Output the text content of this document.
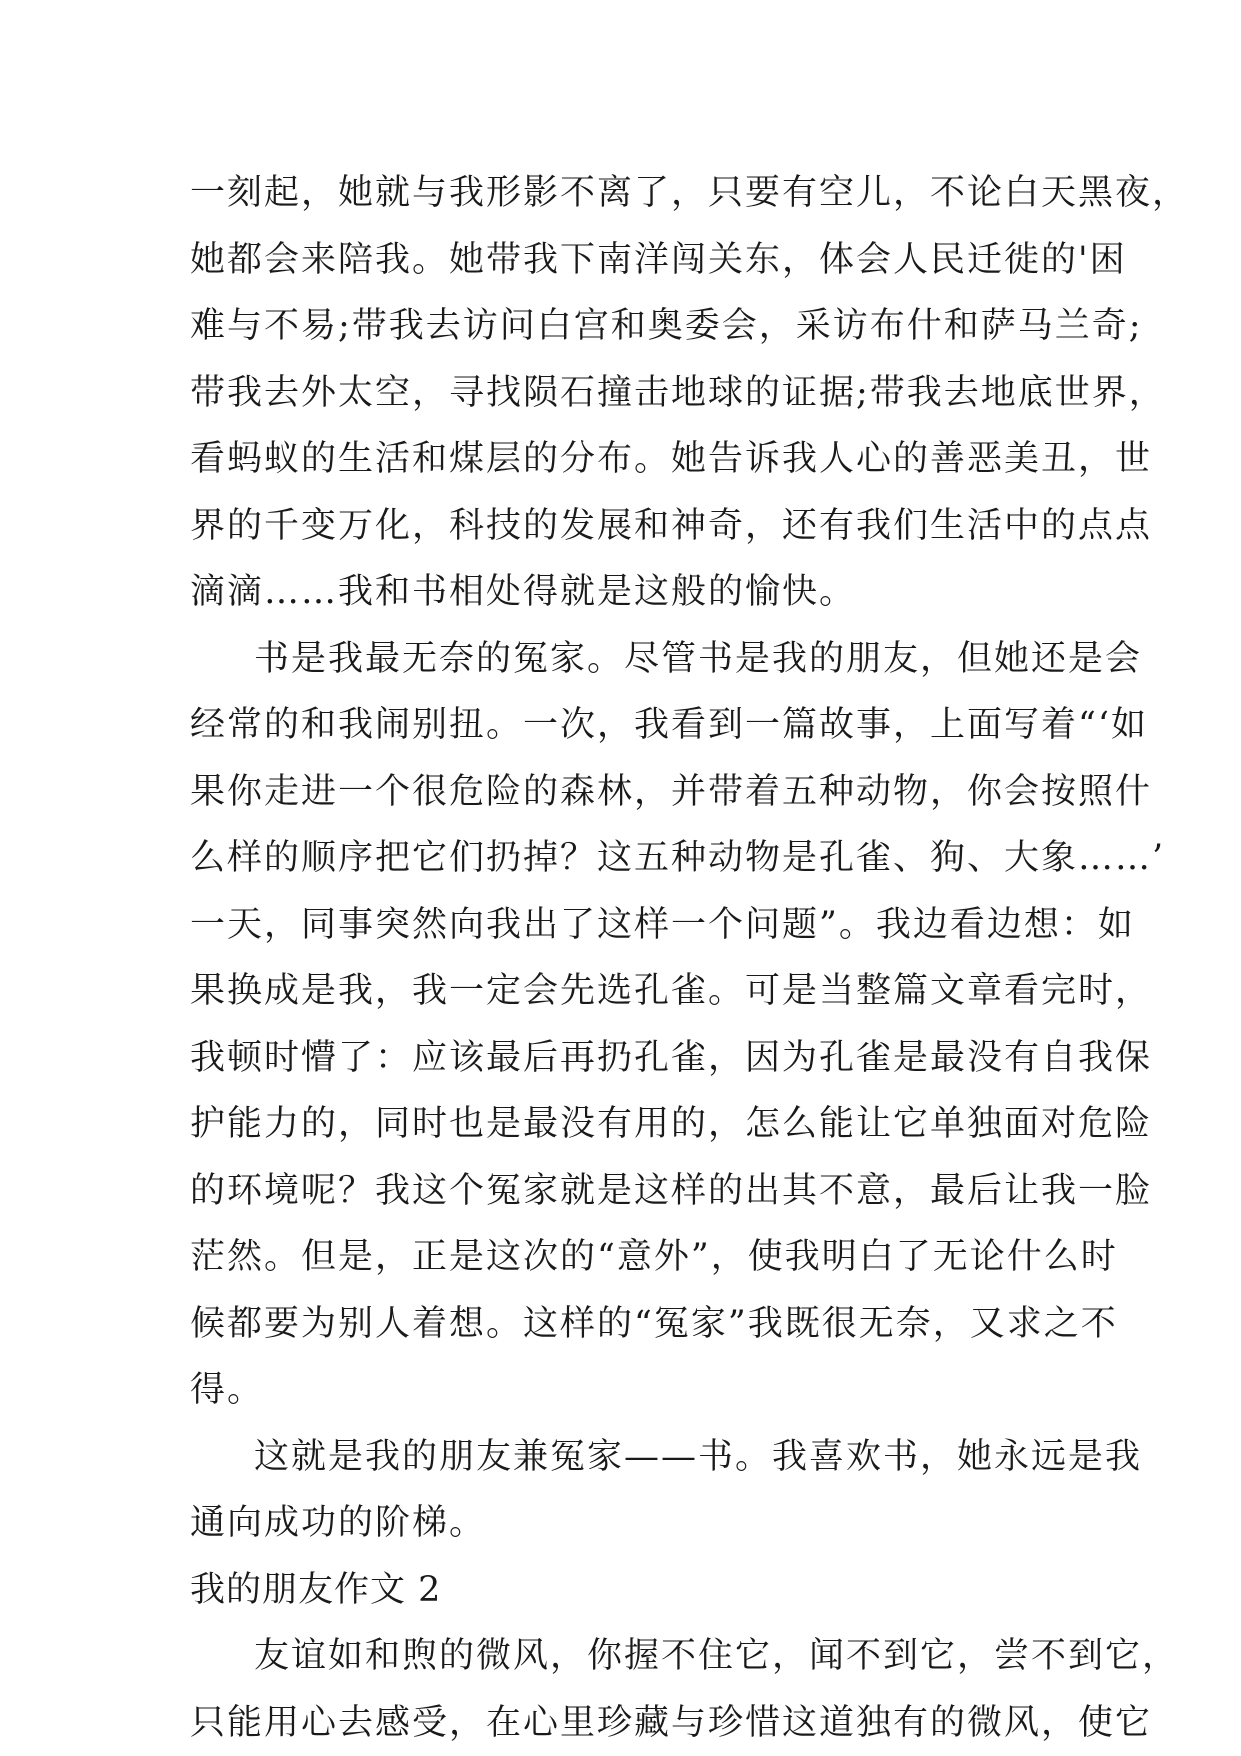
一刻起，她就与我形影不离了，只要有空儿，不论白天黑夜，
她都会来陪我。她带我下南洋闯关东，体会人民迁徙的'困
难与不易;带我去访问白宫和奥委会，采访布什和萨马兰奇;
带我去外太空，寻找陨石撞击地球的证据;带我去地底世界，
看蚂蚁的生活和煤层的分布。她告诉我人心的善恶美丑，世
界的千变万化，科技的发展和神奇，还有我们生活中的点点
滴滴……我和书相处得就是这般的愉快。
书是我最无奈的冤家。尽管书是我的朋友，但她还是会
经常的和我闹别扭。一次，我看到一篇故事，上面写着“‘如
果你走进一个很危险的森林，并带着五种动物，你会按照什
么样的顺序把它们扔掉？这五种动物是孔雀、狗、大象……’
一天，同事突然向我出了这样一个问题”。我边看边想：如
果换成是我，我一定会先选孔雀。可是当整篇文章看完时，
我顿时懵了：应该最后再扔孔雀，因为孔雀是最没有自我保
护能力的，同时也是最没有用的，怎么能让它单独面对危险
的环境呢？我这个冤家就是这样的出其不意，最后让我一脸
茫然。但是，正是这次的“意外”，使我明白了无论什么时
候都要为别人着想。这样的“冤家”我既很无奈，又求之不
得。
这就是我的朋友兼冤家——书。我喜欢书，她永远是我
通向成功的阶梯。
我的朋友作文 2
友谊如和煦的微风，你握不住它，闻不到它，尝不到它，
只能用心去感受，在心里珍藏与珍惜这道独有的微风，使它
